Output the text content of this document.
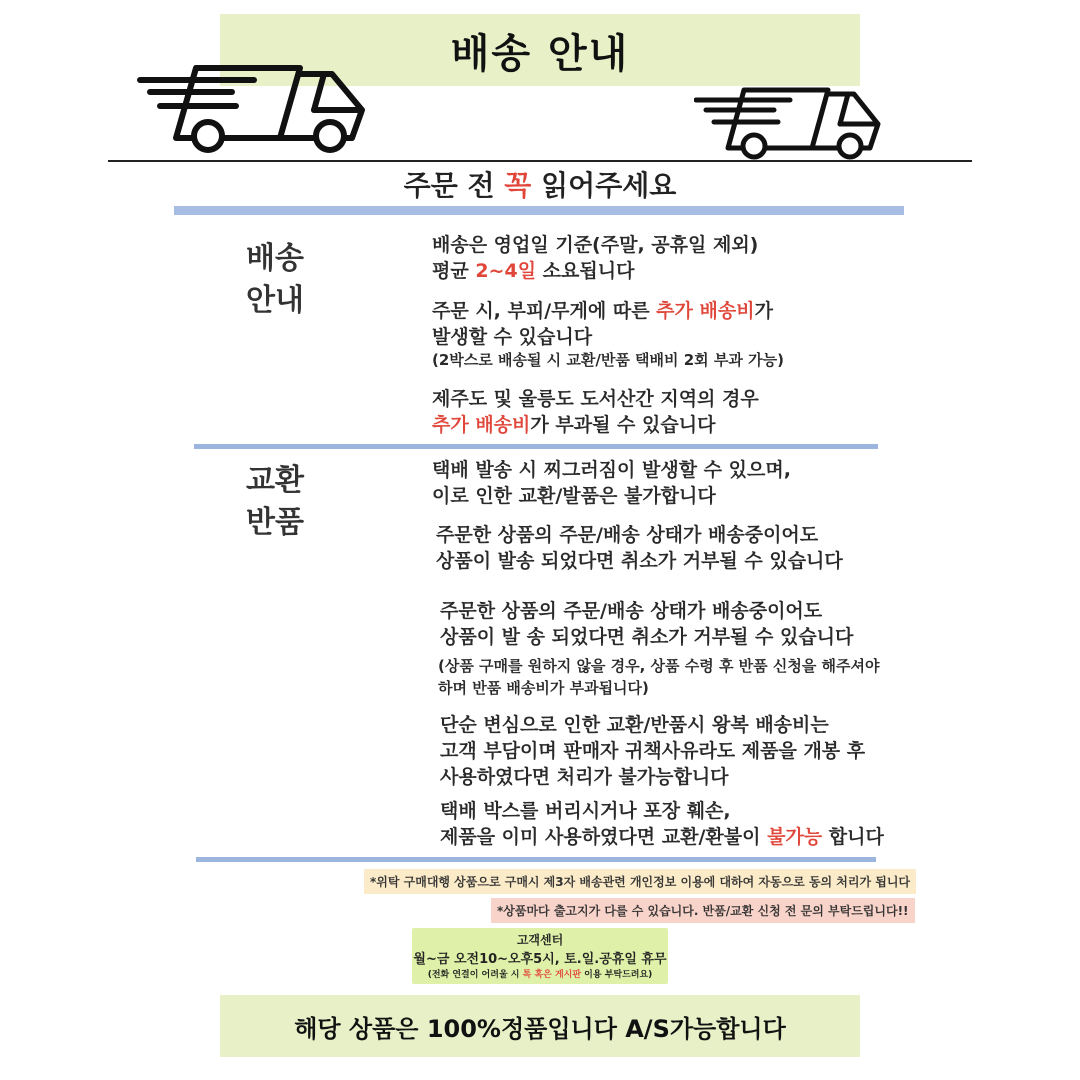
배송 안내
주문 전 꼭 읽어주세요
배송
안내
배송은 영업일 기준(주말, 공휴일 제외)
평균 2~4일 소요됩니다
주문 시, 부피/무게에 따른 추가 배송비가
발생할 수 있습니다
(2박스로 배송될 시 교환/반품 택배비 2회 부과 가능)
제주도 및 울릉도 도서산간 지역의 경우
추가 배송비가 부과될 수 있습니다
교환
반품
택배 발송 시 찌그러짐이 발생할 수 있으며,
이로 인한 교환/발품은 불가합니다
주문한 상품의 주문/배송 상태가 배송중이어도
상품이 발송 되었다면 취소가 거부될 수 있습니다
주문한 상품의 주문/배송 상태가 배송중이어도
상품이 발 송 되었다면 취소가 거부될 수 있습니다
(상품 구매를 원하지 않을 경우, 상품 수령 후 반품 신청을 해주셔야
하며 반품 배송비가 부과됩니다)
단순 변심으로 인한 교환/반품시 왕복 배송비는
고객 부담이며 판매자 귀책사유라도 제품을 개봉 후
사용하였다면 처리가 불가능합니다
택배 박스를 버리시거나 포장 훼손,
제품을 이미 사용하였다면 교환/환불이 불가능 합니다
*위탁 구매대행 상품으로 구매시 제3자 배송관련 개인정보 이용에 대하여 자동으로 동의 처리가 됩니다
*상품마다 출고지가 다를 수 있습니다. 반품/교환 신청 전 문의 부탁드립니다!!
고객센터
월~금 오전10~오후5시, 토.일.공휴일 휴무
(전화 연결이 어려울 시 톡 혹은 게시판 이용 부탁드려요)
해당 상품은 100%정품입니다 A/S가능합니다
